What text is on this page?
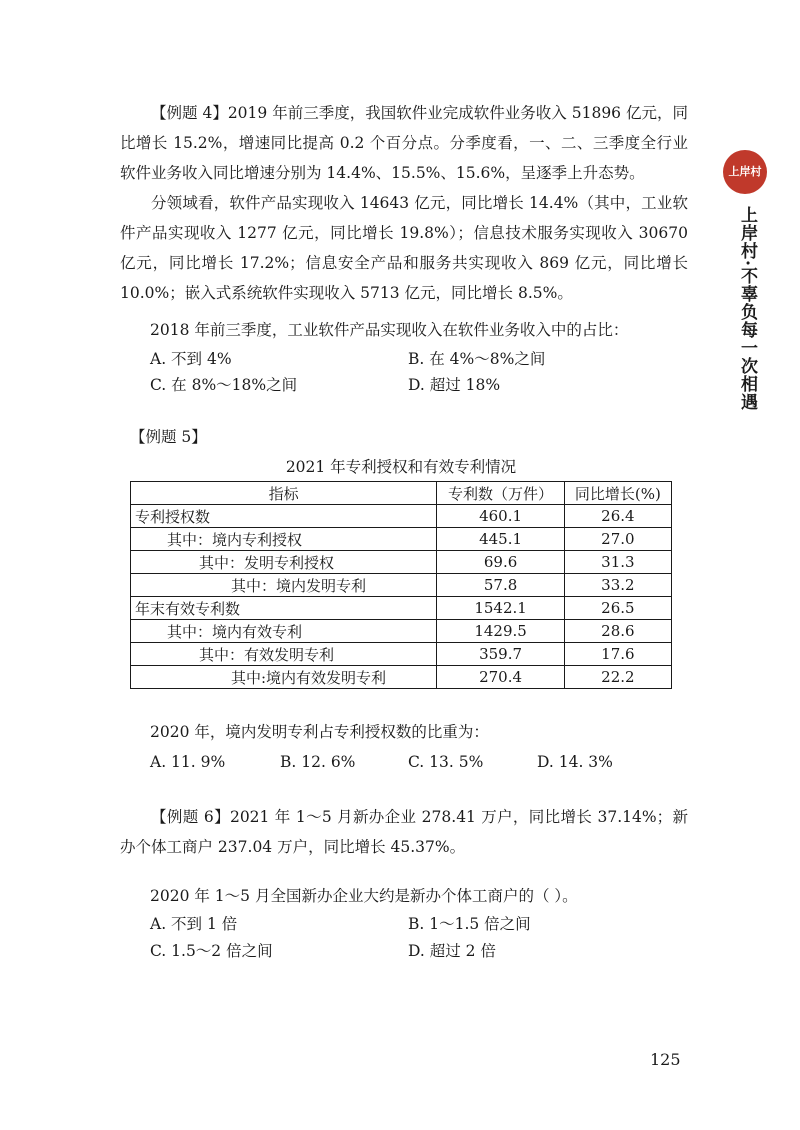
上岸村
上岸村·不辜负每一次相遇

【例题 4】2019 年前三季度，我国软件业完成软件业务收入 51896 亿元，同比增长 15.2%，增速同比提高 0.2 个百分点。分季度看，一、二、三季度全行业软件业务收入同比增速分别为 14.4%、15.5%、15.6%，呈逐季上升态势。

分领域看，软件产品实现收入 14643 亿元，同比增长 14.4%（其中，工业软件产品实现收入 1277 亿元，同比增长 19.8%）；信息技术服务实现收入 30670 亿元，同比增长 17.2%；信息安全产品和服务共实现收入 869 亿元，同比增长 10.0%；嵌入式系统软件实现收入 5713 亿元，同比增长 8.5%。

2018 年前三季度，工业软件产品实现收入在软件业务收入中的占比：
A. 不到 4%	B. 在 4%～8%之间
C. 在 8%～18%之间	D. 超过 18%
【例题 5】
2021 年专利授权和有效专利情况
指标	专利数（万件）	同比增长(%)
专利授权数	460.1	26.4
其中：境内专利授权	445.1	27.0
其中：发明专利授权	69.6	31.3
其中：境内发明专利	57.8	33.2
年末有效专利数	1542.1	26.5
其中：境内有效专利	1429.5	28.6
其中：有效发明专利	359.7	17.6
其中:境内有效发明专利	270.4	22.2
2020 年，境内发明专利占专利授权数的比重为：
A. 11. 9%	B. 12. 6%	C. 13. 5%	D. 14. 3%

【例题 6】2021 年 1～5 月新办企业 278.41 万户，同比增长 37.14%；新办个体工商户 237.04 万户，同比增长 45.37%。

2020 年 1～5 月全国新办企业大约是新办个体工商户的（ ）。
A. 不到 1 倍	B. 1～1.5 倍之间
C. 1.5～2 倍之间	D. 超过 2 倍
125
